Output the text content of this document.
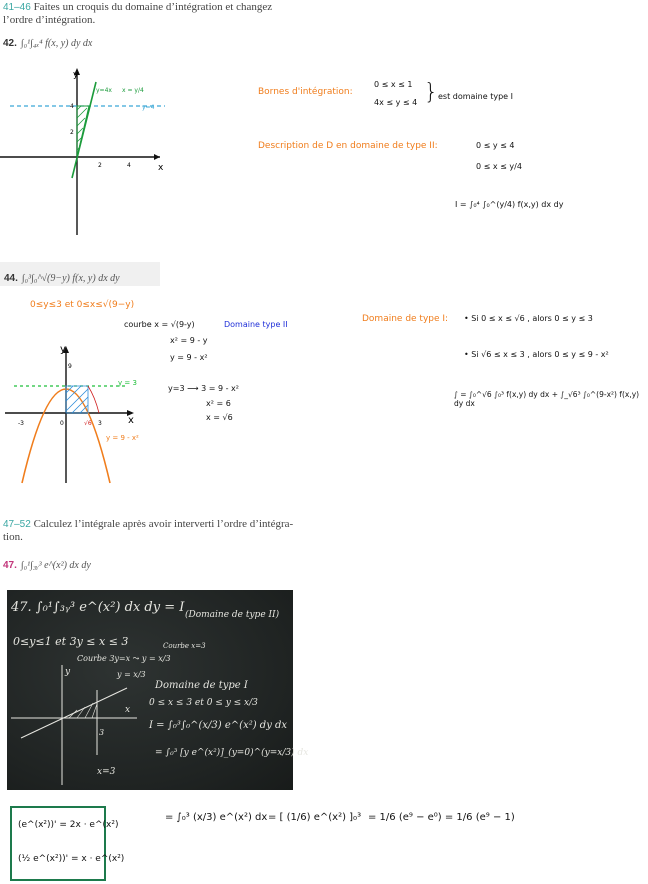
41–46 Faites un croquis du domaine d’intégration et changez
l’ordre d’intégration.
42. ∫₀¹∫₄ₓ⁴ f(x, y) dy dx
y
x
2	4
4
2
y=4x x = y/4
y=4
Bornes d'intégration:
0 ≤ x ≤ 1
4x ≤ y ≤ 4 } est domaine type I
Description de D en domaine de type II:	0 ≤ y ≤ 4
0 ≤ x ≤ y/4
I = ∫₀⁴ ∫₀^(y/4) f(x,y) dx dy
44. ∫₀³∫₀^√(9−y) f(x, y) dx dy
0≤y≤3 et 0≤x≤√(9−y)
courbe x = √(9-y)	Domaine type II
x² = 9 - y
y = 9 - x²
y=3 ⟶ 3 = 9 - x²
x² = 6
x = √6
Domaine de type I: • Si 0 ≤ x ≤ √6 , alors 0 ≤ y ≤ 3
• Si √6 ≤ x ≤ 3 , alors 0 ≤ y ≤ 9 - x²
∫ = ∫₀^√6 ∫₀³ f(x,y) dy dx + ∫_√6³ ∫₀^(9-x²) f(x,y) dy dx
y
x
-3	0	√6 3
9
y = 3
y = 9 - x²
47–52 Calculez l’intégrale après avoir interverti l’ordre d’intégra-
tion.
47. ∫₀¹∫₃ᵧ³ e^(x²) dx dy
47. ∫₀¹∫₃ᵧ³ e^(x²) dx dy = I (Domaine de type II)
0≤y≤1 et 3y ≤ x ≤ 3	Courbe x=3
Courbe 3y=x ⤳ y = x/3
y
x
3
x=3
y = x/3
Domaine de type I
0 ≤ x ≤ 3 et 0 ≤ y ≤ x/3
I = ∫₀³∫₀^(x/3) e^(x²) dy dx
= ∫₀³ [y e^(x²)]_(y=0)^(y=x/3) dx
(e^(x²))' = 2x · e^(x²)
(½ e^(x²))' = x · e^(x²)
= ∫₀³ (x/3) e^(x²) dx = [ (1/6) e^(x²) ]₀³ = 1/6 (e⁹ − e⁰) = 1/6 (e⁹ − 1)
